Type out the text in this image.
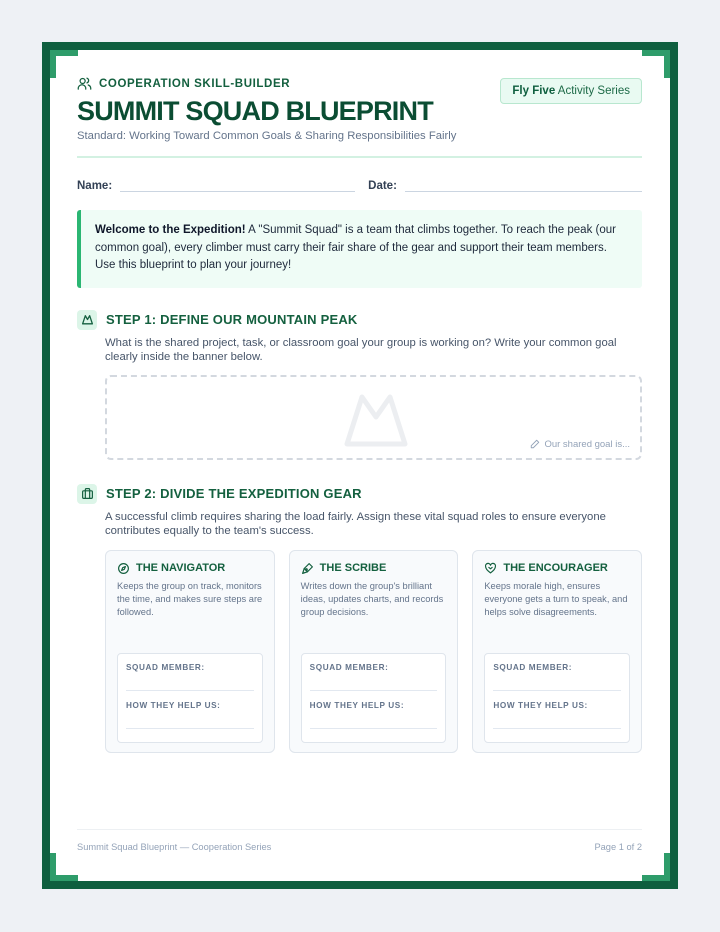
Fly Five Activity Series
COOPERATION SKILL-BUILDER
SUMMIT SQUAD BLUEPRINT

Standard: Working Toward Common Goals & Sharing Responsibilities Fairly

Name:	Date:
Welcome to the Expedition! A "Summit Squad" is a team that climbs together. To reach the peak (our common goal), every climber must carry their fair share of the gear and support their team members. Use this blueprint to plan your journey!
STEP 1: DEFINE OUR MOUNTAIN PEAK

What is the shared project, task, or classroom goal your group is working on? Write your common goal clearly inside the banner below.

Our shared goal is...
STEP 2: DIVIDE THE EXPEDITION GEAR

A successful climb requires sharing the load fairly. Assign these vital squad roles to ensure everyone contributes equally to the team's success.

THE NAVIGATOR

Keeps the group on track, monitors the time, and makes sure steps are followed.

SQUAD MEMBER:
HOW THEY HELP US:
THE SCRIBE

Writes down the group's brilliant ideas, updates charts, and records group decisions.

SQUAD MEMBER:
HOW THEY HELP US:
THE ENCOURAGER

Keeps morale high, ensures everyone gets a turn to speak, and helps solve disagreements.

SQUAD MEMBER:
HOW THEY HELP US:
Summit Squad Blueprint — Cooperation Series	Page 1 of 2
